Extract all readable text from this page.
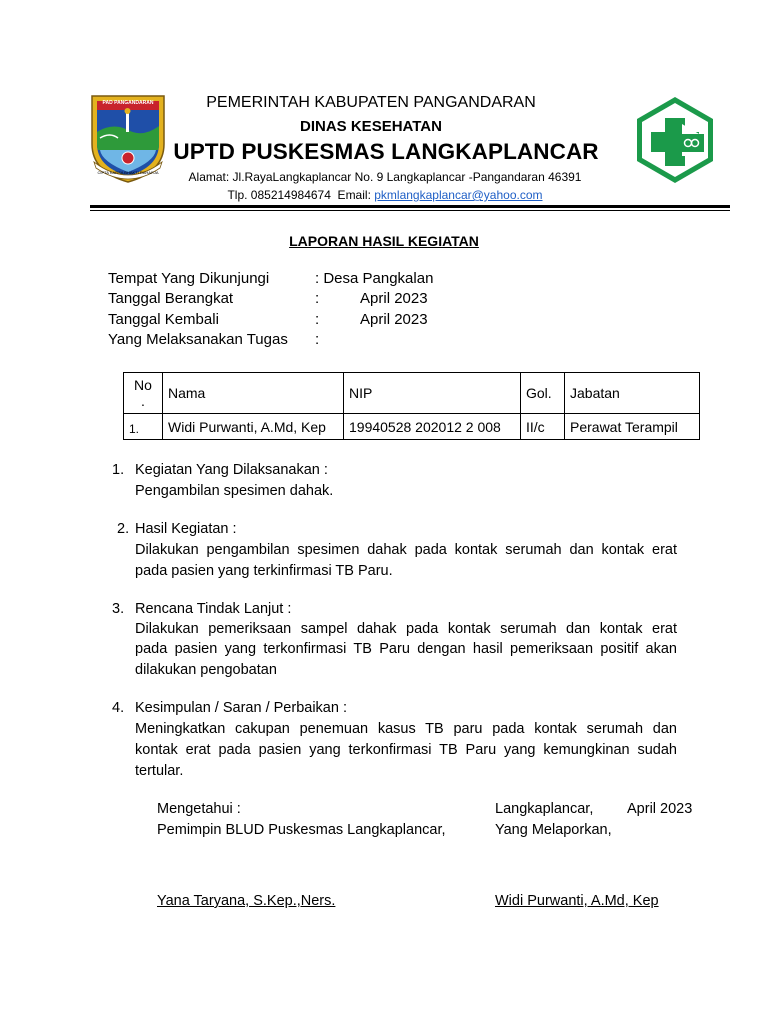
PAD PANGANDARAN
CIPTA KARSA BHAKTI RAHARJA
PEMERINTAH KABUPATEN PANGANDARAN
DINAS KESEHATAN
UPTD PUSKESMAS LANGKAPLANCAR
Alamat: Jl.RayaLangkaplancar No. 9 Langkaplancar -Pangandaran 46391
Tlp. 085214984674  Email: pkmlangkaplancar@yahoo.com
LAPORAN HASIL KEGIATAN
Tempat Yang Dikunjungi	: Desa Pangkalan
Tanggal Berangkat	:          April 2023
Tanggal Kembali	:          April 2023
Yang Melaksanakan Tugas :
No
.	Nama	NIP	Gol.	Jabatan
1.	Widi Purwanti, A.Md, Kep	19940528 202012 2 008	II/c	Perawat Terampil
1. Kegiatan Yang Dilaksanakan :
Pengambilan spesimen dahak.
2. Hasil Kegiatan :
Dilakukan pengambilan spesimen dahak pada kontak serumah dan kontak erat
pada pasien yang terkinfirmasi TB Paru.
3. Rencana Tindak Lanjut :
Dilakukan pemeriksaan sampel dahak pada kontak serumah dan kontak erat
pada pasien yang terkonfirmasi TB Paru dengan hasil pemeriksaan positif akan
dilakukan pengobatan
4. Kesimpulan / Saran / Perbaikan :
Meningkatkan cakupan penemuan kasus TB paru pada kontak serumah dan
kontak erat pada pasien yang terkonfirmasi TB Paru yang kemungkinan sudah
tertular.
Mengetahui :
Pemimpin BLUD Puskesmas Langkaplancar,
Yana Taryana, S.Kep.,Ners.
Langkaplancar, April 2023
Yang Melaporkan,
Widi Purwanti, A.Md, Kep
